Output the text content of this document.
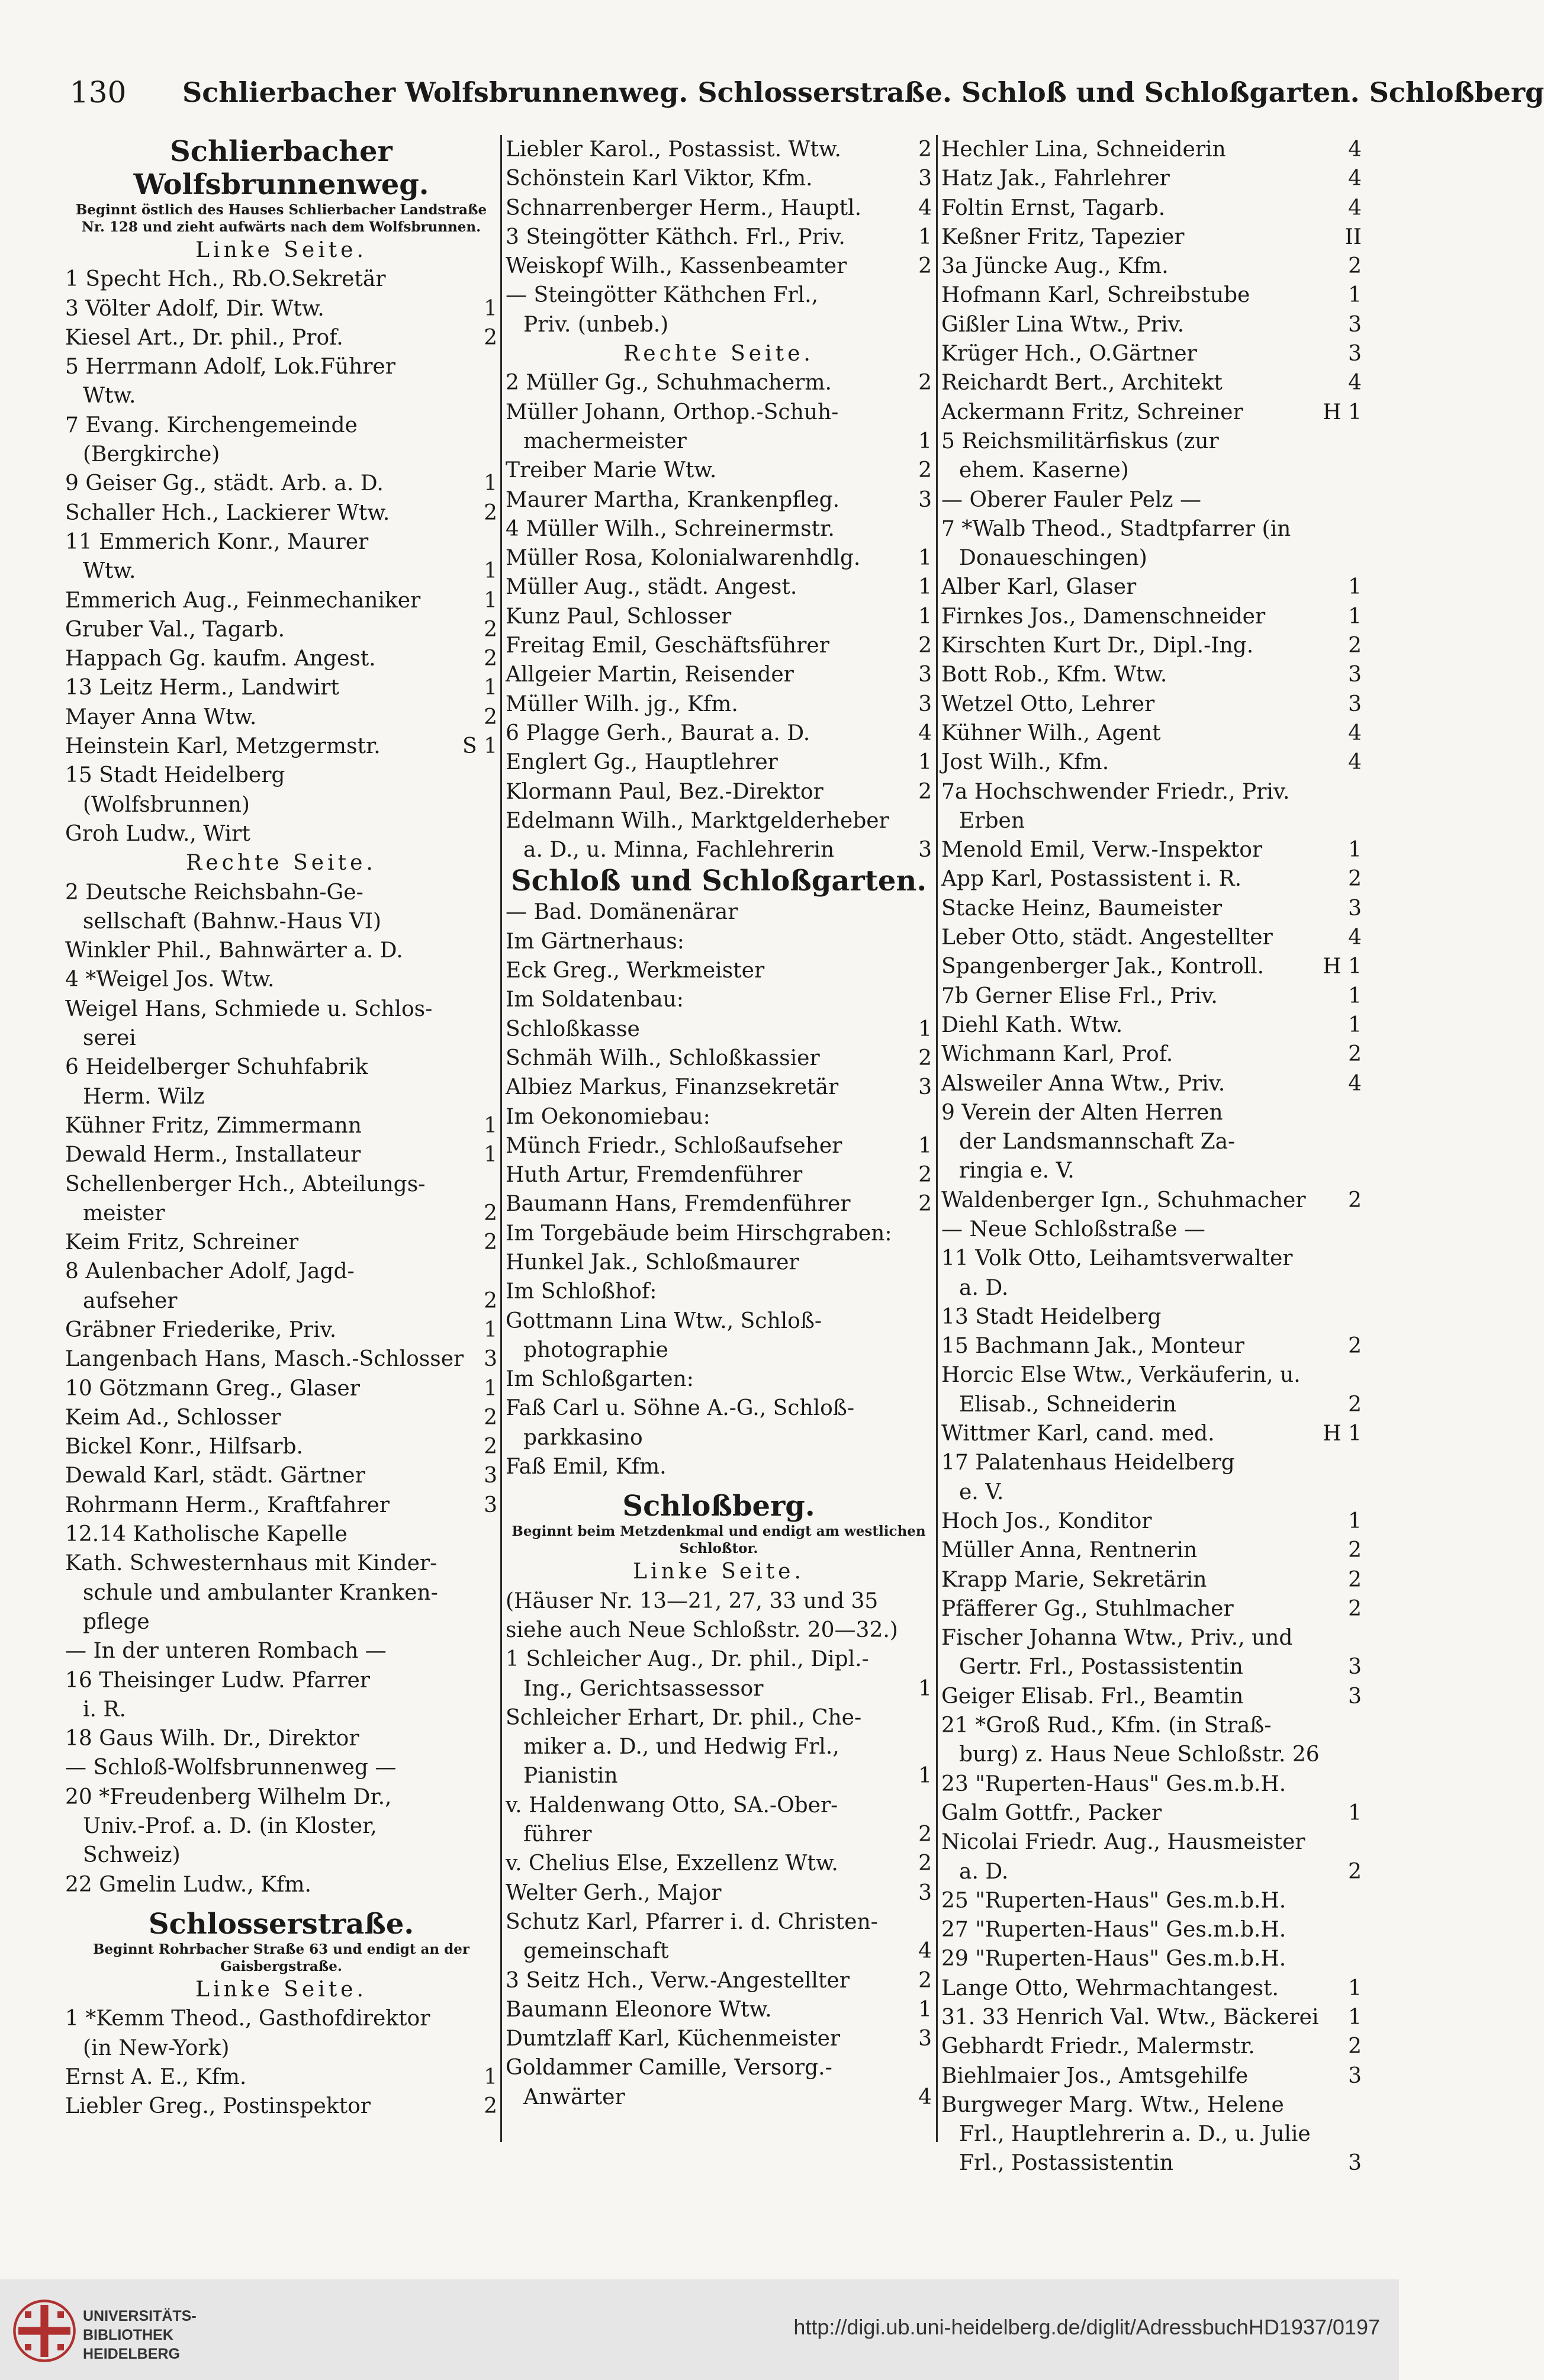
130 Schlierbacher Wolfsbrunnenweg. Schlosserstraße. Schloß und Schloßgarten. Schloßberg
Schlierbacher
Wolfsbrunnenweg.
Beginnt östlich des Hauses Schlierbacher Landstraße Nr. 128 und zieht aufwärts nach dem Wolfsbrunnen.
Linke Seite.
1 Specht Hch., Rb.O.Sekretär
3 Völter Adolf, Dir. Wtw.	1
Kiesel Art., Dr. phil., Prof.	2
5 Herrmann Adolf, Lok.Führer
Wtw.
7 Evang. Kirchengemeinde
(Bergkirche)
9 Geiser Gg., städt. Arb. a. D.	1
Schaller Hch., Lackierer Wtw.	2
11 Emmerich Konr., Maurer
Wtw.	1
Emmerich Aug., Feinmechaniker	1
Gruber Val., Tagarb.	2
Happach Gg. kaufm. Angest.	2
13 Leitz Herm., Landwirt	1
Mayer Anna Wtw.	2
Heinstein Karl, Metzgermstr.	S 1
15 Stadt Heidelberg
(Wolfsbrunnen)
Groh Ludw., Wirt
Rechte Seite.
2 Deutsche Reichsbahn-Ge-
sellschaft (Bahnw.-Haus VI)
Winkler Phil., Bahnwärter a. D.
4 *Weigel Jos. Wtw.
Weigel Hans, Schmiede u. Schlos-
serei
6 Heidelberger Schuhfabrik
Herm. Wilz
Kühner Fritz, Zimmermann	1
Dewald Herm., Installateur	1
Schellenberger Hch., Abteilungs-
meister	2
Keim Fritz, Schreiner	2
8 Aulenbacher Adolf, Jagd-
aufseher	2
Gräbner Friederike, Priv.	1
Langenbach Hans, Masch.-Schlosser 3
10 Götzmann Greg., Glaser	1
Keim Ad., Schlosser	2
Bickel Konr., Hilfsarb.	2
Dewald Karl, städt. Gärtner	3
Rohrmann Herm., Kraftfahrer	3
12.14 Katholische Kapelle
Kath. Schwesternhaus mit Kinder-
schule und ambulanter Kranken-
pflege
— In der unteren Rombach —
16 Theisinger Ludw. Pfarrer
i. R.
18 Gaus Wilh. Dr., Direktor
— Schloß-Wolfsbrunnenweg —
20 *Freudenberg Wilhelm Dr.,
Univ.-Prof. a. D. (in Kloster,
Schweiz)
22 Gmelin Ludw., Kfm.
Schlosserstraße.
Beginnt Rohrbacher Straße 63 und endigt an der Gaisbergstraße.
Linke Seite.
1 *Kemm Theod., Gasthofdirektor
(in New-York)
Ernst A. E., Kfm.	1
Liebler Greg., Postinspektor	2
Liebler Karol., Postassist. Wtw.	2
Schönstein Karl Viktor, Kfm.	3
Schnarrenberger Herm., Hauptl.	4
3 Steingötter Käthch. Frl., Priv.	1
Weiskopf Wilh., Kassenbeamter	2
— Steingötter Käthchen Frl.,
Priv. (unbeb.)
Rechte Seite.
2 Müller Gg., Schuhmacherm.	2
Müller Johann, Orthop.-Schuh-
machermeister	1
Treiber Marie Wtw.	2
Maurer Martha, Krankenpfleg.	3
4 Müller Wilh., Schreinermstr.
Müller Rosa, Kolonialwarenhdlg.	1
Müller Aug., städt. Angest.	1
Kunz Paul, Schlosser	1
Freitag Emil, Geschäftsführer	2
Allgeier Martin, Reisender	3
Müller Wilh. jg., Kfm.	3
6 Plagge Gerh., Baurat a. D.	4
Englert Gg., Hauptlehrer	1
Klormann Paul, Bez.-Direktor	2
Edelmann Wilh., Marktgelderheber
a. D., u. Minna, Fachlehrerin	3
Schloß und Schloßgarten.
— Bad. Domänenärar
Im Gärtnerhaus:
Eck Greg., Werkmeister
Im Soldatenbau:
Schloßkasse	1
Schmäh Wilh., Schloßkassier	2
Albiez Markus, Finanzsekretär	3
Im Oekonomiebau:
Münch Friedr., Schloßaufseher	1
Huth Artur, Fremdenführer	2
Baumann Hans, Fremdenführer	2
Im Torgebäude beim Hirschgraben:
Hunkel Jak., Schloßmaurer
Im Schloßhof:
Gottmann Lina Wtw., Schloß-
photographie
Im Schloßgarten:
Faß Carl u. Söhne A.-G., Schloß-
parkkasino
Faß Emil, Kfm.
Schloßberg.
Beginnt beim Metzdenkmal und endigt am westlichen Schloßtor.
Linke Seite.
(Häuser Nr. 13—21, 27, 33 und 35
siehe auch Neue Schloßstr. 20—32.)
1 Schleicher Aug., Dr. phil., Dipl.-
Ing., Gerichtsassessor	1
Schleicher Erhart, Dr. phil., Che-
miker a. D., und Hedwig Frl.,
Pianistin	1
v. Haldenwang Otto, SA.-Ober-
führer	2
v. Chelius Else, Exzellenz Wtw.	2
Welter Gerh., Major	3
Schutz Karl, Pfarrer i. d. Christen-
gemeinschaft	4
3 Seitz Hch., Verw.-Angestellter	2
Baumann Eleonore Wtw.	1
Dumtzlaff Karl, Küchenmeister	3
Goldammer Camille, Versorg.-
Anwärter	4
Hechler Lina, Schneiderin	4
Hatz Jak., Fahrlehrer	4
Foltin Ernst, Tagarb.	4
Keßner Fritz, Tapezier	II
3a Jüncke Aug., Kfm.	2
Hofmann Karl, Schreibstube	1
Gißler Lina Wtw., Priv.	3
Krüger Hch., O.Gärtner	3
Reichardt Bert., Architekt	4
Ackermann Fritz, Schreiner	H 1
5 Reichsmilitärfiskus (zur
ehem. Kaserne)
— Oberer Fauler Pelz —
7 *Walb Theod., Stadtpfarrer (in
Donaueschingen)
Alber Karl, Glaser	1
Firnkes Jos., Damenschneider	1
Kirschten Kurt Dr., Dipl.-Ing.	2
Bott Rob., Kfm. Wtw.	3
Wetzel Otto, Lehrer	3
Kühner Wilh., Agent	4
Jost Wilh., Kfm.	4
7a Hochschwender Friedr., Priv.
Erben
Menold Emil, Verw.-Inspektor	1
App Karl, Postassistent i. R.	2
Stacke Heinz, Baumeister	3
Leber Otto, städt. Angestellter	4
Spangenberger Jak., Kontroll.	H 1
7b Gerner Elise Frl., Priv.	1
Diehl Kath. Wtw.	1
Wichmann Karl, Prof.	2
Alsweiler Anna Wtw., Priv.	4
9 Verein der Alten Herren
der Landsmannschaft Za-
ringia e. V.
Waldenberger Ign., Schuhmacher 2
— Neue Schloßstraße —
11 Volk Otto, Leihamtsverwalter
a. D.
13 Stadt Heidelberg
15 Bachmann Jak., Monteur	2
Horcic Else Wtw., Verkäuferin, u.
Elisab., Schneiderin	2
Wittmer Karl, cand. med.	H 1
17 Palatenhaus Heidelberg
e. V.
Hoch Jos., Konditor	1
Müller Anna, Rentnerin	2
Krapp Marie, Sekretärin	2
Pfäfferer Gg., Stuhlmacher	2
Fischer Johanna Wtw., Priv., und
Gertr. Frl., Postassistentin	3
Geiger Elisab. Frl., Beamtin	3
21 *Groß Rud., Kfm. (in Straß-
burg) z. Haus Neue Schloßstr. 26
23 "Ruperten-Haus" Ges.m.b.H.
Galm Gottfr., Packer	1
Nicolai Friedr. Aug., Hausmeister
a. D.	2
25 "Ruperten-Haus" Ges.m.b.H.
27 "Ruperten-Haus" Ges.m.b.H.
29 "Ruperten-Haus" Ges.m.b.H.
Lange Otto, Wehrmachtangest.	1
31. 33 Henrich Val. Wtw., Bäckerei 1
Gebhardt Friedr., Malermstr.	2
Biehlmaier Jos., Amtsgehilfe	3
Burgweger Marg. Wtw., Helene
Frl., Hauptlehrerin a. D., u. Julie
Frl., Postassistentin	3
UNIVERSITÄTS-
BIBLIOTHEK
HEIDELBERG
http://digi.ub.uni-heidelberg.de/diglit/AdressbuchHD1937/0197
